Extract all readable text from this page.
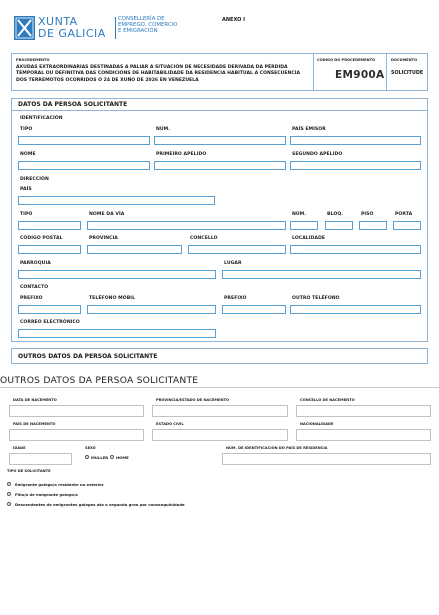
XUNTA
DE GALICIA
CONSELLERÍA DE
EMPREGO, COMERCIO
E EMIGRACIÓN
ANEXO I
PROCEDEMENTO
AXUDAS EXTRAORDINARIAS DESTINADAS A PALIAR A SITUACIÓN DE NECESIDADE DERIVADA DA PÉRDIDA TEMPORAL OU DEFINITIVA DAS CONDICIÓNS DE HABITABILIDADE DA RESIDENCIA HABITUAL A CONSECUENCIA DOS TERREMOTOS OCORRIDOS O 24 DE XUÑO DE 2026 EN VENEZUELA
CÓDIGO DO PROCEDEMENTO
EM900A
DOCUMENTO
SOLICITUDE
DATOS DA PERSOA SOLICITANTE
IDENTIFICACIÓN
TIPO	NÚM.	PAÍS EMISOR
NOME	PRIMEIRO APELIDO	SEGUNDO APELIDO
DIRECCIÓN
PAÍS
TIPO	NOME DA VÍA	NÚM.	BLOQ.	PISO	PORTA
CÓDIGO POSTAL	PROVINCIA	CONCELLO	LOCALIDADE
PARROQUIA	LUGAR
CONTACTO
PREFIXO	TELÉFONO MÓBIL	PREFIXO	OUTRO TELÉFONO
CORREO ELECTRÓNICO
OUTROS DATOS DA PERSOA SOLICITANTE
OUTROS DATOS DA PERSOA SOLICITANTE
DATA DE NACEMENTO	PROVINCIA/ESTADO DE NACEMENTO	CONCELLO DE NACEMENTO
PAÍS DE NACEMENTO	ESTADO CIVIL	NACIONALIDADE
IDADE	SEXO
MULLER HOME
NÚM. DE IDENTIFICACIÓN DO PAÍS DE RESIDENCIA
TIPO DE SOLICITANTE
Emigrante galego/a residente no exterior
Fillo/a de emigrante galego/a
Descendentes de emigrantes galegos ata o segundo grao por consanguinidade
